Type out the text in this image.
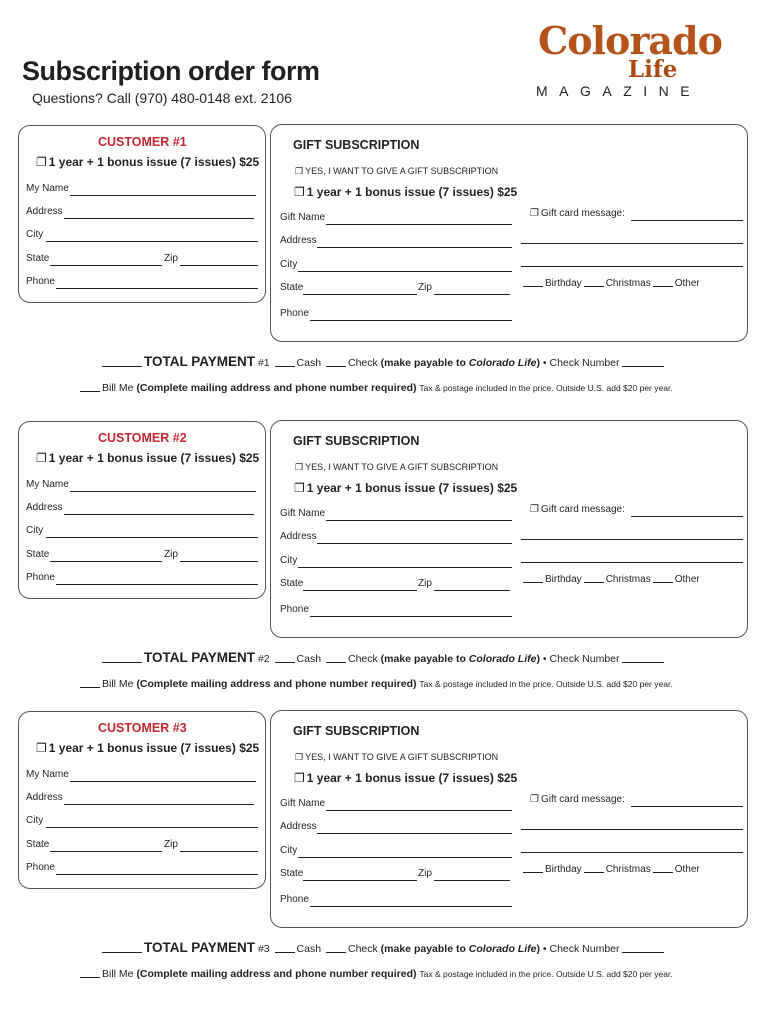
Subscription order form
Questions? Call (970) 480-0148 ext. 2106
Colorado
Life
MAGAZINE
CUSTOMER #1
❐ 1 year + 1 bonus issue (7 issues) $25
My Name
Address
City
State	Zip
Phone
GIFT SUBSCRIPTION
❐ YES, I WANT TO GIVE A GIFT SUBSCRIPTION
❐ 1 year + 1 bonus issue (7 issues) $25
Gift Name
Address
City
State	Zip
Phone
❐ Gift card message:
Birthday Christmas Other
TOTAL PAYMENT #1	Cash	Check (make payable to Colorado Life) • Check Number
Bill Me (Complete mailing address and phone number required) Tax & postage included in the price. Outside U.S. add $20 per year.
CUSTOMER #2
❐ 1 year + 1 bonus issue (7 issues) $25
My Name
Address
City
State	Zip
Phone
GIFT SUBSCRIPTION
❐ YES, I WANT TO GIVE A GIFT SUBSCRIPTION
❐ 1 year + 1 bonus issue (7 issues) $25
Gift Name
Address
City
State	Zip
Phone
❐ Gift card message:
Birthday Christmas Other
TOTAL PAYMENT #2	Cash	Check (make payable to Colorado Life) • Check Number
Bill Me (Complete mailing address and phone number required) Tax & postage included in the price. Outside U.S. add $20 per year.
CUSTOMER #3
❐ 1 year + 1 bonus issue (7 issues) $25
My Name
Address
City
State	Zip
Phone
GIFT SUBSCRIPTION
❐ YES, I WANT TO GIVE A GIFT SUBSCRIPTION
❐ 1 year + 1 bonus issue (7 issues) $25
Gift Name
Address
City
State	Zip
Phone
❐ Gift card message:
Birthday Christmas Other
TOTAL PAYMENT #3	Cash	Check (make payable to Colorado Life) • Check Number
Bill Me (Complete mailing address and phone number required) Tax & postage included in the price. Outside U.S. add $20 per year.
